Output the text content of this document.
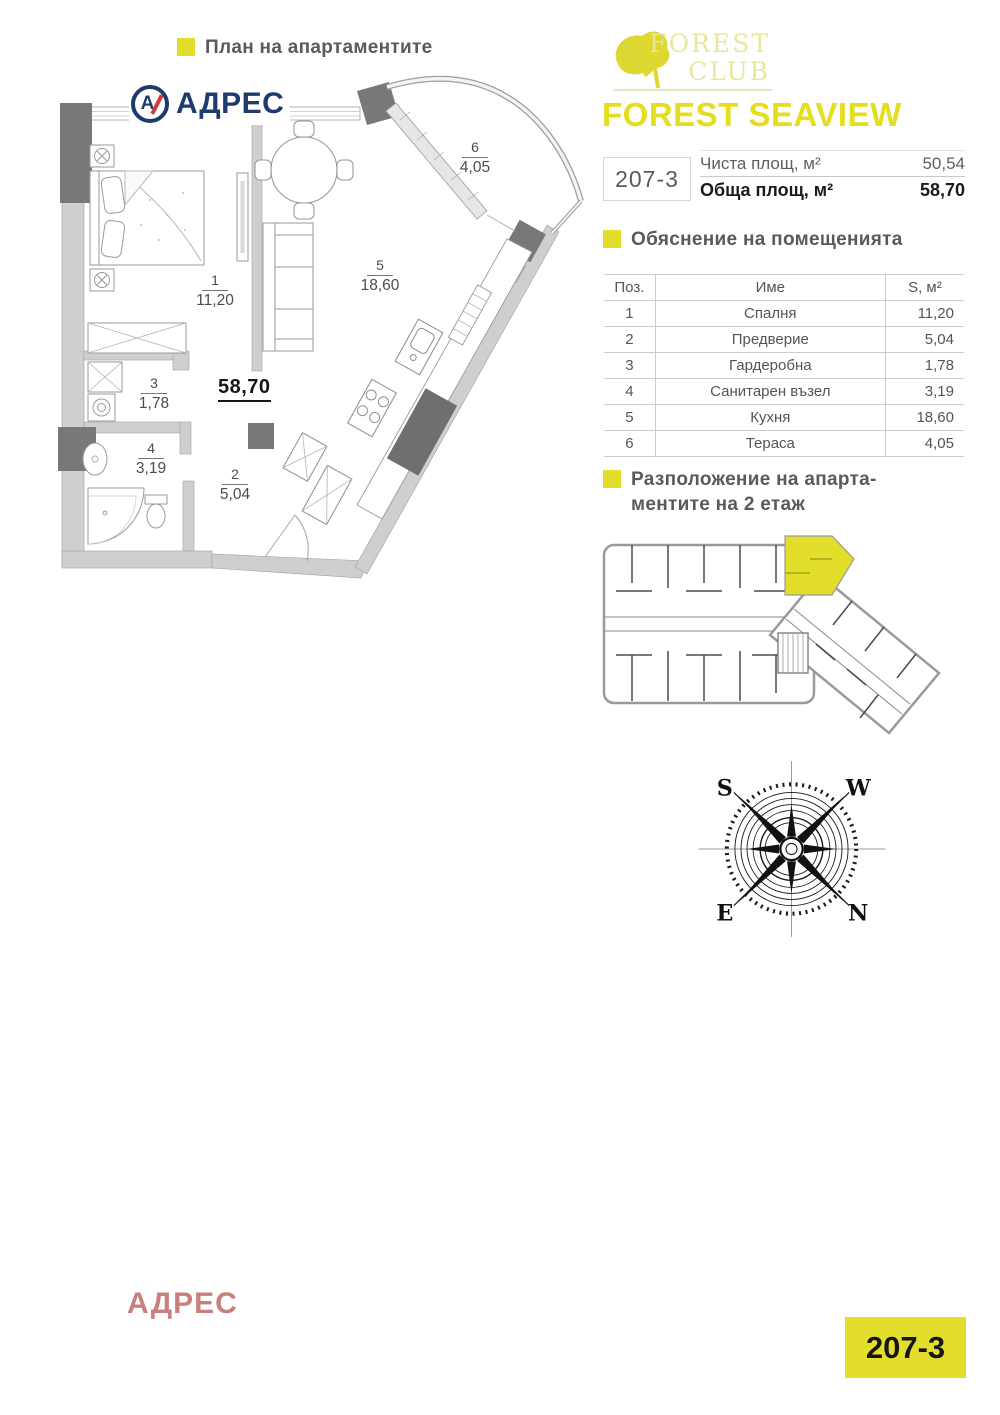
План на апартаментите
А АДРЕС
1
11,20
2
5,04
3
1,78
4
3,19
5
18,60
6
4,05
58,70
FOREST
CLUB
FOREST SEAVIEW
207-3
Чиста площ, м²	50,54
Обща площ, м²	58,70
Обяснение на помещенията
Поз.	Име	S, м²
1	Спалня	11,20
2	Предверие	5,04
3	Гардеробна	1,78
4	Санитарен възел	3,19
5	Кухня	18,60
6	Тераса	4,05
Разположение на апарта-
ментите на 2 етаж
S	W
E	N
АДРЕС
207-3
